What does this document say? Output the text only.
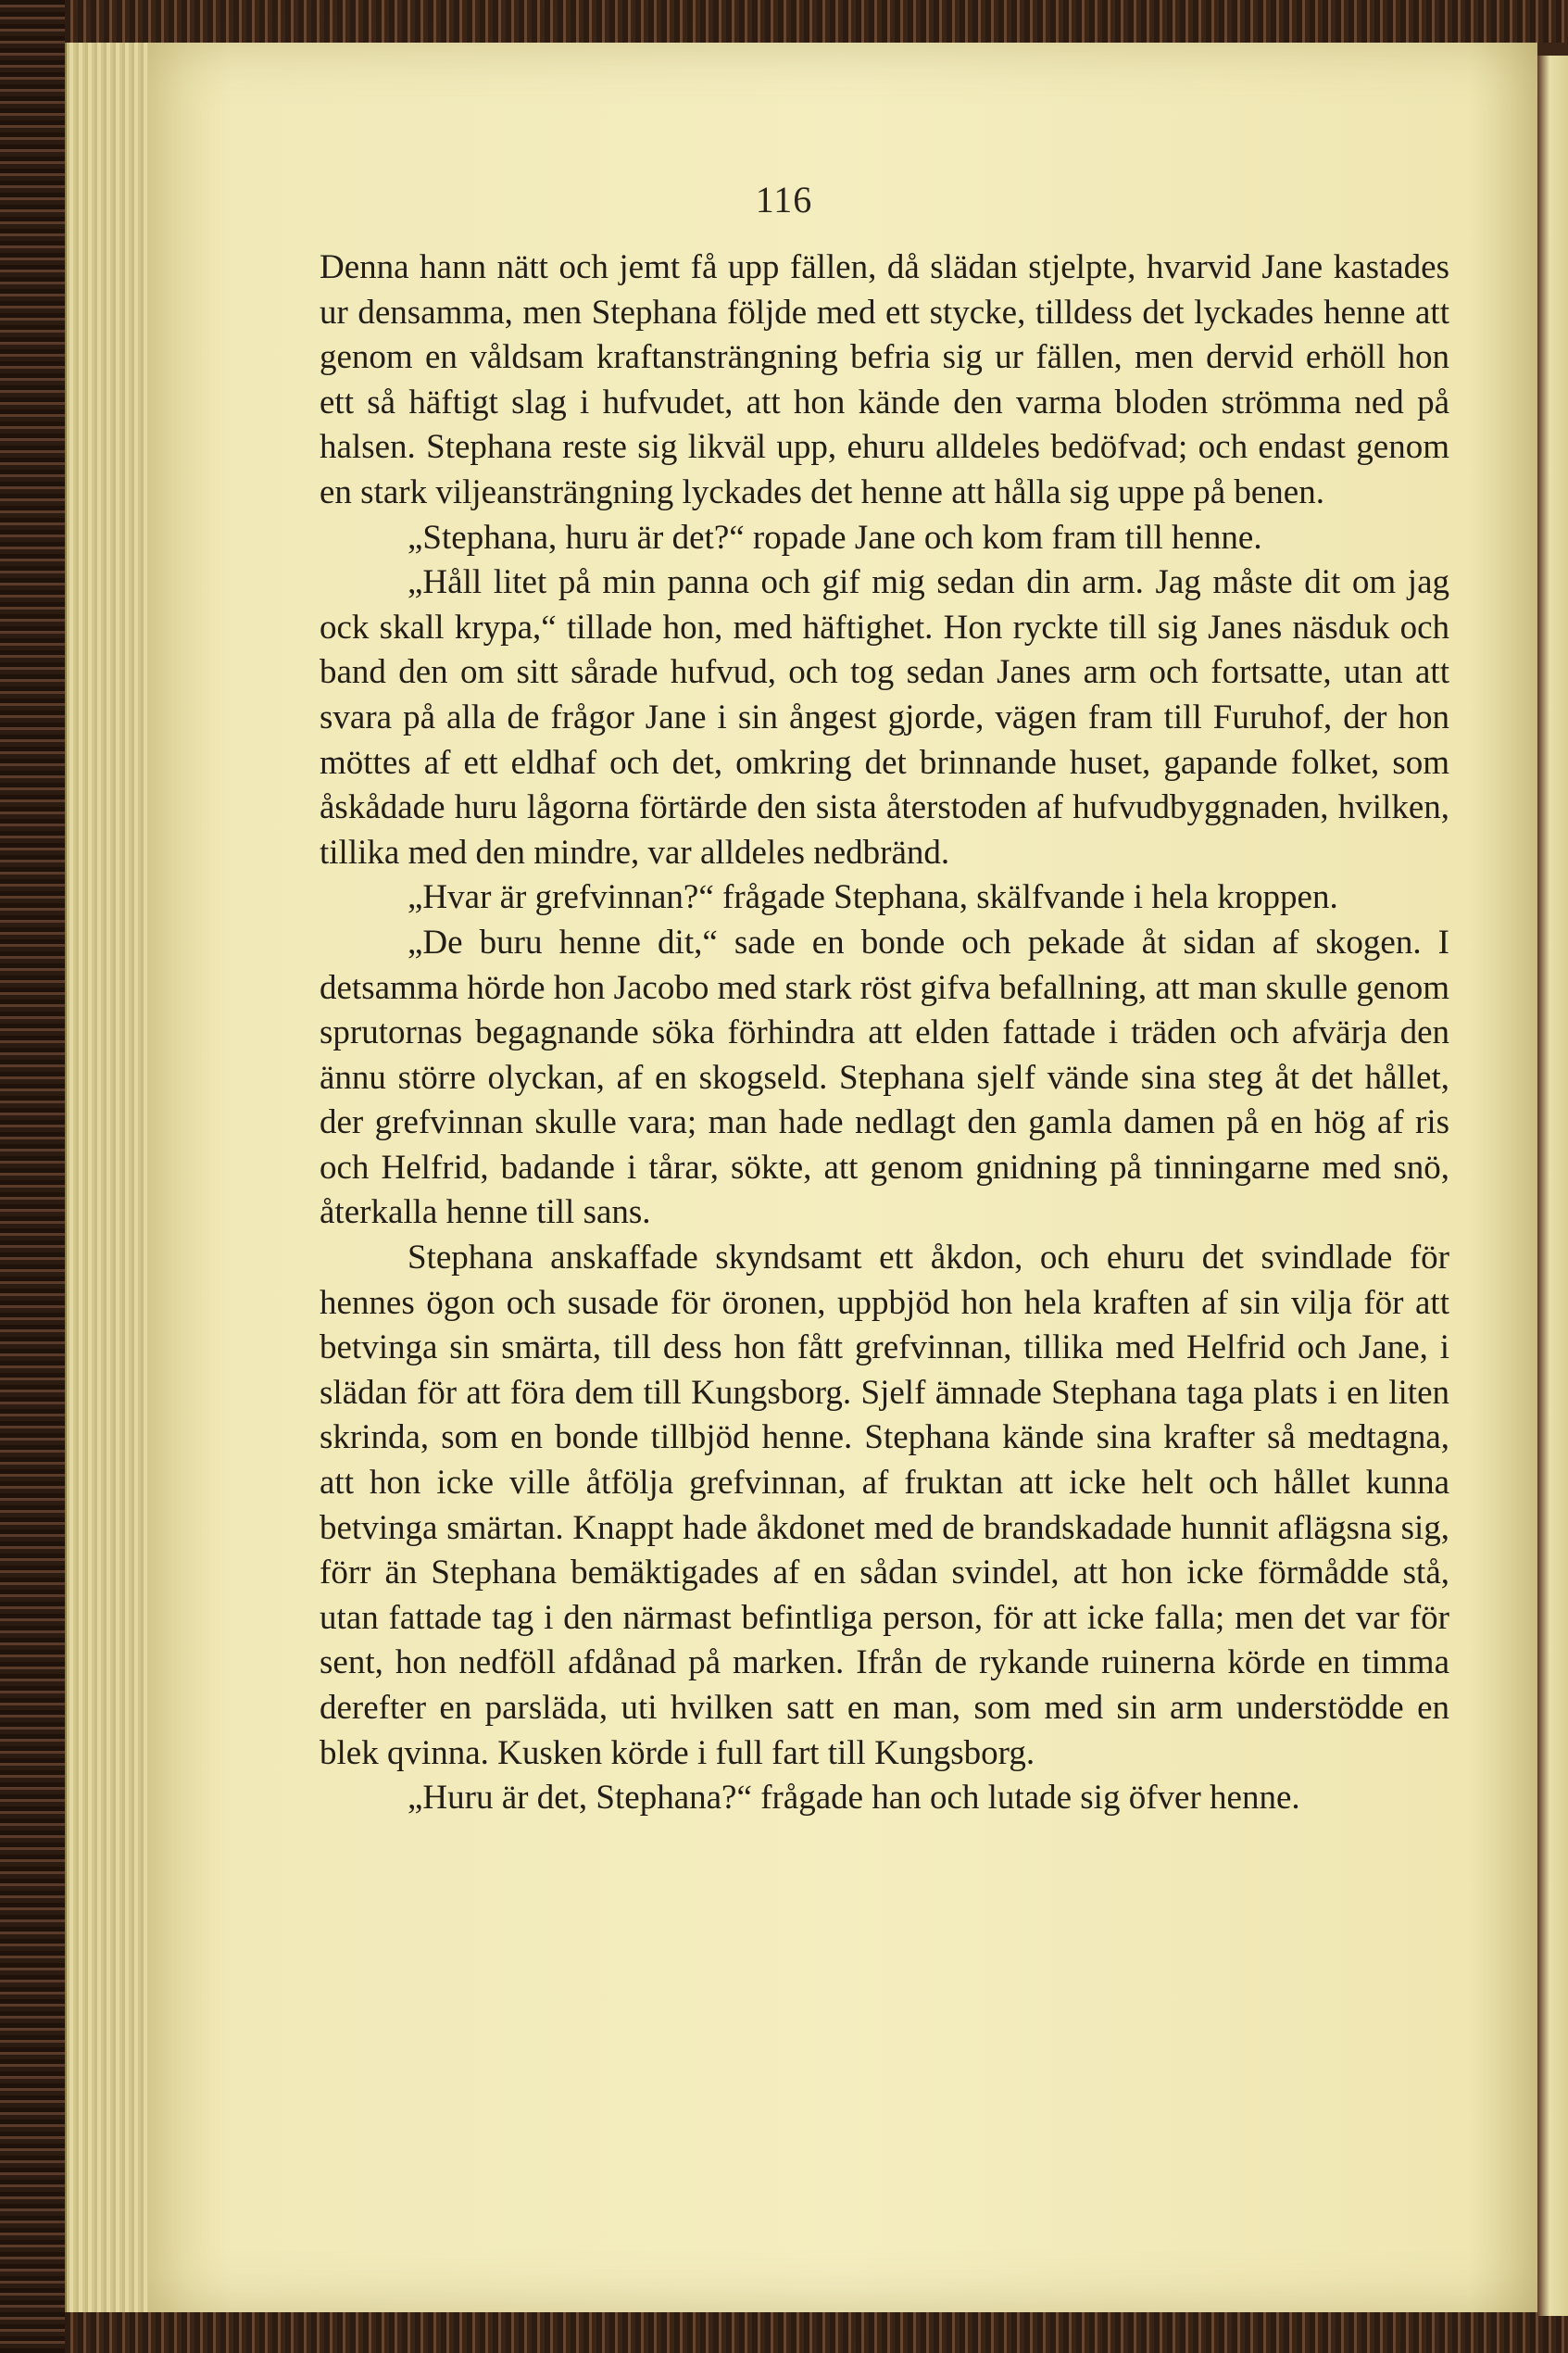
116

Denna hann nätt och jemt få upp fällen, då slädan stjelpte, hvarvid Jane kastades ur densamma, men Stephana följde med ett stycke, tilldess det lyckades henne att genom en våldsam kraftansträngning befria sig ur fällen, men dervid erhöll hon ett så häftigt slag i hufvudet, att hon kände den varma bloden strömma ned på halsen. Stephana reste sig likväl upp, ehuru alldeles bedöfvad; och endast genom en stark viljeansträngning lyckades det henne att hålla sig uppe på benen.

„Stephana, huru är det?“ ropade Jane och kom fram till henne.

„Håll litet på min panna och gif mig sedan din arm. Jag måste dit om jag ock skall krypa,“ tillade hon, med häftighet. Hon ryckte till sig Janes näsduk och band den om sitt sårade hufvud, och tog sedan Janes arm och fortsatte, utan att svara på alla de frågor Jane i sin ångest gjorde, vägen fram till Furuhof, der hon möttes af ett eldhaf och det, omkring det brinnande huset, gapande folket, som åskådade huru lågorna förtärde den sista återstoden af hufvudbyggnaden, hvilken, tillika med den mindre, var alldeles nedbränd.

„Hvar är grefvinnan?“ frågade Stephana, skälfvande i hela kroppen.

„De buru henne dit,“ sade en bonde och pekade åt sidan af skogen. I detsamma hörde hon Jacobo med stark röst gifva befallning, att man skulle genom sprutornas begagnande söka förhindra att elden fattade i träden och afvärja den ännu större olyckan, af en skogseld. Stephana sjelf vände sina steg åt det hållet, der grefvinnan skulle vara; man hade nedlagt den gamla damen på en hög af ris och Helfrid, badande i tårar, sökte, att genom gnidning på tinningarne med snö, återkalla henne till sans.

Stephana anskaffade skyndsamt ett åkdon, och ehuru det svindlade för hennes ögon och susade för öronen, uppbjöd hon hela kraften af sin vilja för att betvinga sin smärta, till dess hon fått grefvinnan, tillika med Helfrid och Jane, i slädan för att föra dem till Kungsborg. Sjelf ämnade Stephana taga plats i en liten skrinda, som en bonde tillbjöd henne. Stephana kände sina krafter så medtagna, att hon icke ville åtfölja grefvinnan, af fruktan att icke helt och hållet kunna betvinga smärtan. Knappt hade åkdonet med de brandskadade hunnit aflägsna sig, förr än Stephana bemäktigades af en sådan svindel, att hon icke förmådde stå, utan fattade tag i den närmast befintliga person, för att icke falla; men det var för sent, hon nedföll afdånad på marken. Ifrån de rykande ruinerna körde en timma derefter en parsläda, uti hvilken satt en man, som med sin arm understödde en blek qvinna. Kusken körde i full fart till Kungsborg.

„Huru är det, Stephana?“ frågade han och lutade sig öfver henne.
